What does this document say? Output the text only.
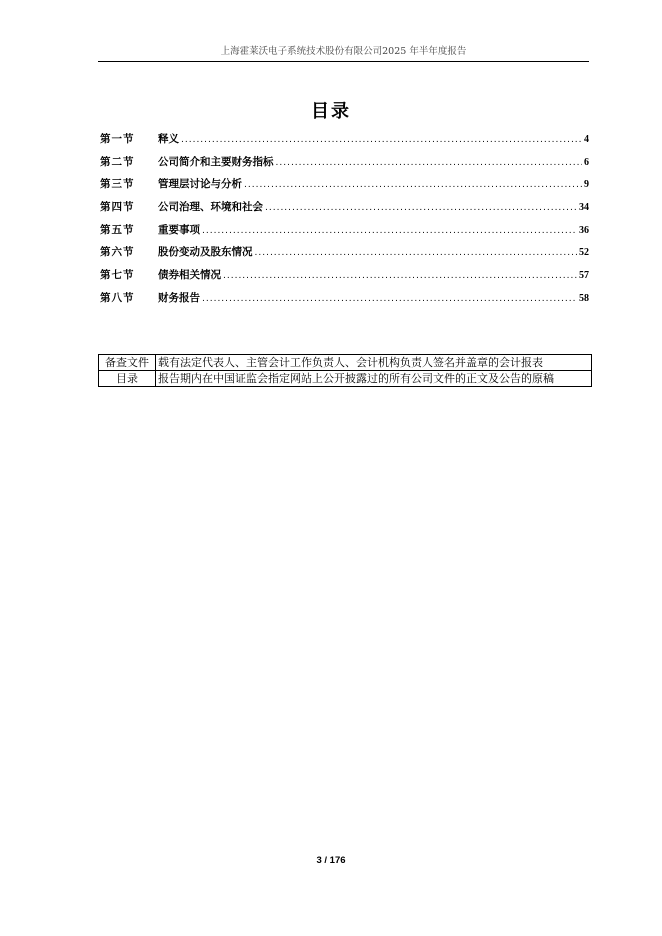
上海霍莱沃电子系统技术股份有限公司2025 年半年度报告
目录
第一节	释义 .....	4
第二节	公司简介和主要财务指标 .....	6
第三节	管理层讨论与分析 .....	9
第四节	公司治理、环境和社会 .....	34
第五节	重要事项 .....	36
第六节	股份变动及股东情况 .....	52
第七节	债券相关情况 .....	57
第八节	财务报告 .....	58
备查文件	载有法定代表人、主管会计工作负责人、会计机构负责人签名并盖章的会计报表
目录	报告期内在中国证监会指定网站上公开披露过的所有公司文件的正文及公告的原稿
3 / 176
